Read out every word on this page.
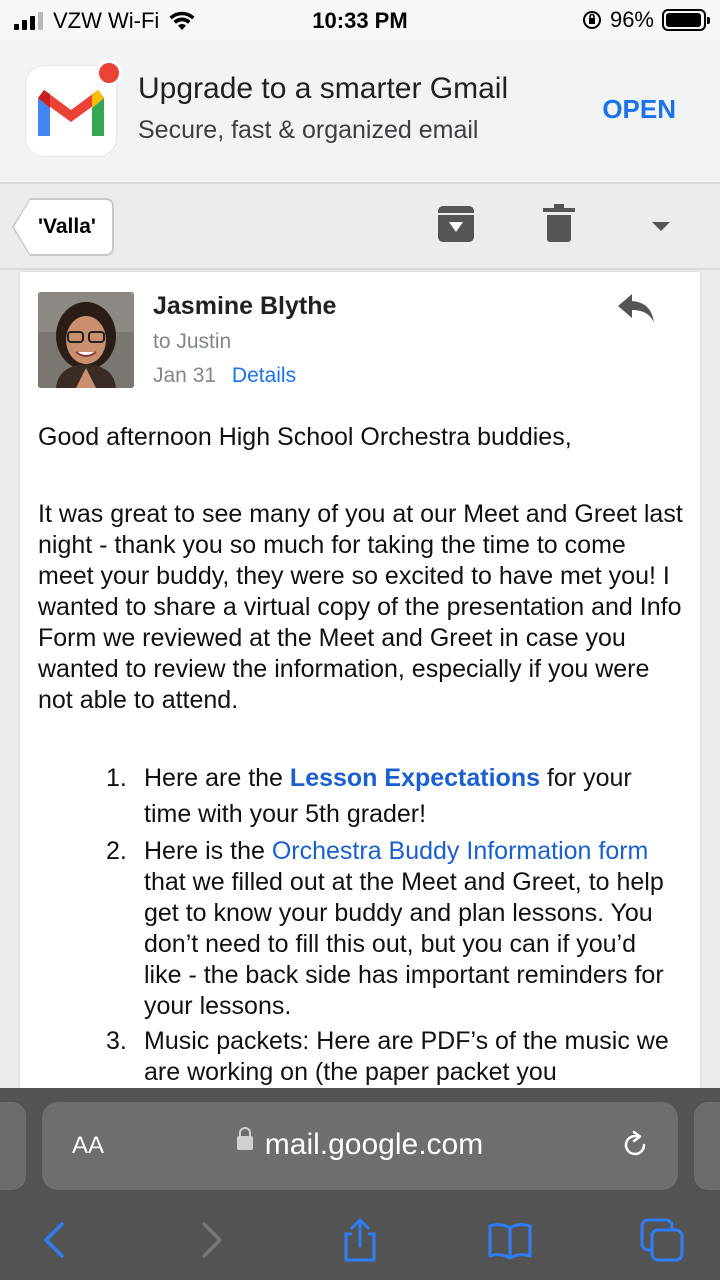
VZW Wi-Fi	10:33 PM	96%
Upgrade to a smarter Gmail
Secure, fast & organized email
OPEN
'Valla'
Jasmine Blythe
to Justin
Jan 31 Details
Good afternoon High School Orchestra buddies,
It was great to see many of you at our Meet and Greet last night - thank you so much for taking the time to come meet your buddy, they were so excited to have met you! I wanted to share a virtual copy of the presentation and Info Form we reviewed at the Meet and Greet in case you wanted to review the information, especially if you were not able to attend.
1. Here are the Lesson Expectations for your time with your 5th grader!
2. Here is the Orchestra Buddy Information form that we filled out at the Meet and Greet, to help get to know your buddy and plan lessons. You don’t need to fill this out, but you can if you’d like - the back side has important reminders for your lessons.
3. Music packets: Here are PDF’s of the music we are working on (the paper packet you
AA	mail.google.com
